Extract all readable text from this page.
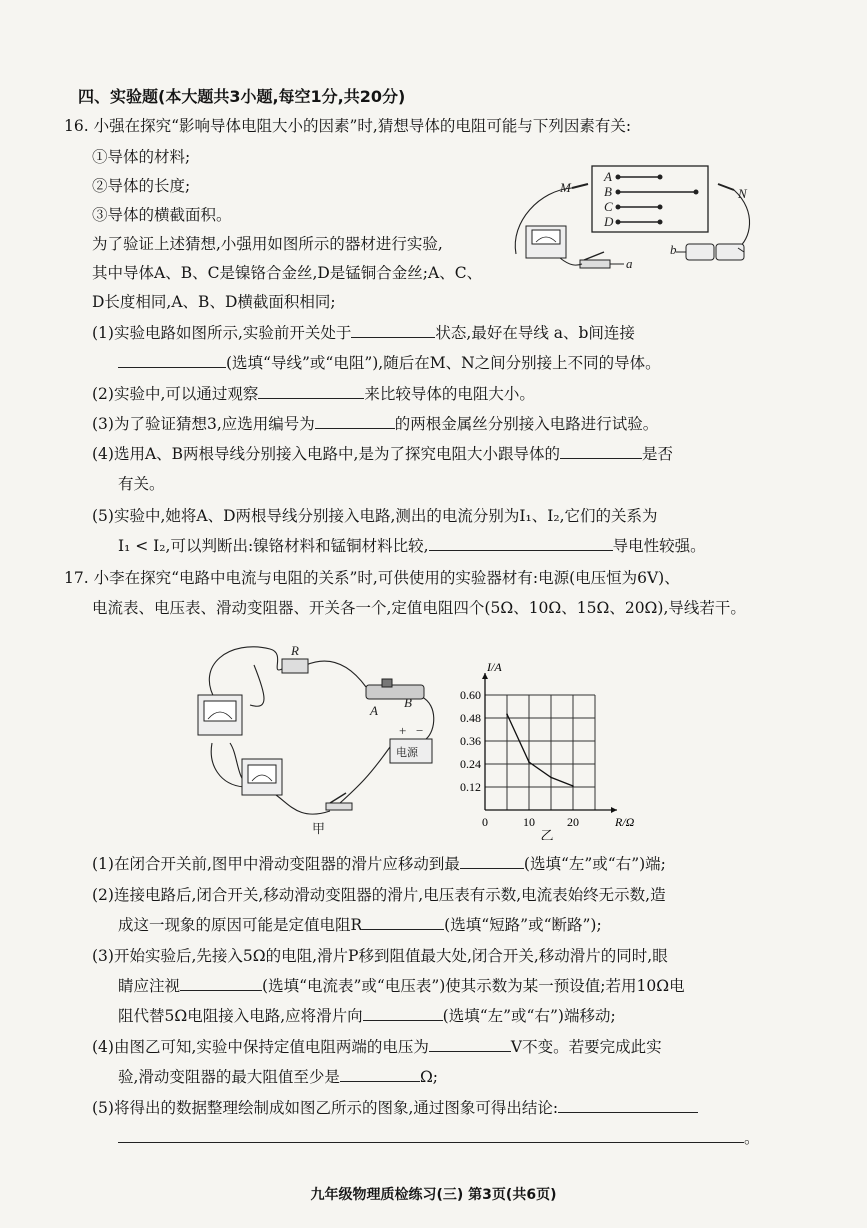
四、实验题(本大题共3小题,每空1分,共20分)
16. 小强在探究“影响导体电阻大小的因素”时,猜想导体的电阻可能与下列因素有关:
①导体的材料;
②导体的长度;
③导体的横截面积。
为了验证上述猜想,小强用如图所示的器材进行实验,
其中导体A、B、C是镍铬合金丝,D是锰铜合金丝;A、C、
D长度相同,A、B、D横截面积相同;
A
B
C
D
M	N
a
b
(1)实验电路如图所示,实验前开关处于	状态,最好在导线 a、b间连接
(选填“导线”或“电阻”),随后在M、N之间分别接上不同的导体。
(2)实验中,可以通过观察	来比较导体的电阻大小。
(3)为了验证猜想3,应选用编号为	的两根金属丝分别接入电路进行试验。
(4)选用A、B两根导线分别接入电路中,是为了探究电阻大小跟导体的	是否
有关。
(5)实验中,她将A、D两根导线分别接入电路,测出的电流分别为I₁、I₂,它们的关系为
I₁ < I₂,可以判断出:镍铬材料和锰铜材料比较,	导电性较强。
17. 小李在探究“电路中电流与电阻的关系”时,可供使用的实验器材有:电源(电压恒为6V)、
电流表、电压表、滑动变阻器、开关各一个,定值电阻四个(5Ω、10Ω、15Ω、20Ω),导线若干。
R
A
B
+ −
电源
甲
0.12
0.24
0.36
0.48
0.60
0	10	20
I/A
R/Ω
乙
(1)在闭合开关前,图甲中滑动变阻器的滑片应移动到最	(选填“左”或“右”)端;
(2)连接电路后,闭合开关,移动滑动变阻器的滑片,电压表有示数,电流表始终无示数,造
成这一现象的原因可能是定值电阻R	(选填“短路”或“断路”);
(3)开始实验后,先接入5Ω的电阻,滑片P移到阻值最大处,闭合开关,移动滑片的同时,眼
睛应注视	(选填“电流表”或“电压表”)使其示数为某一预设值;若用10Ω电
阻代替5Ω电阻接入电路,应将滑片向	(选填“左”或“右”)端移动;
(4)由图乙可知,实验中保持定值电阻两端的电压为	V不变。若要完成此实
验,滑动变阻器的最大阻值至少是	Ω;
(5)将得出的数据整理绘制成如图乙所示的图象,通过图象可得出结论:
。
九年级物理质检练习(三) 第3页(共6页)
